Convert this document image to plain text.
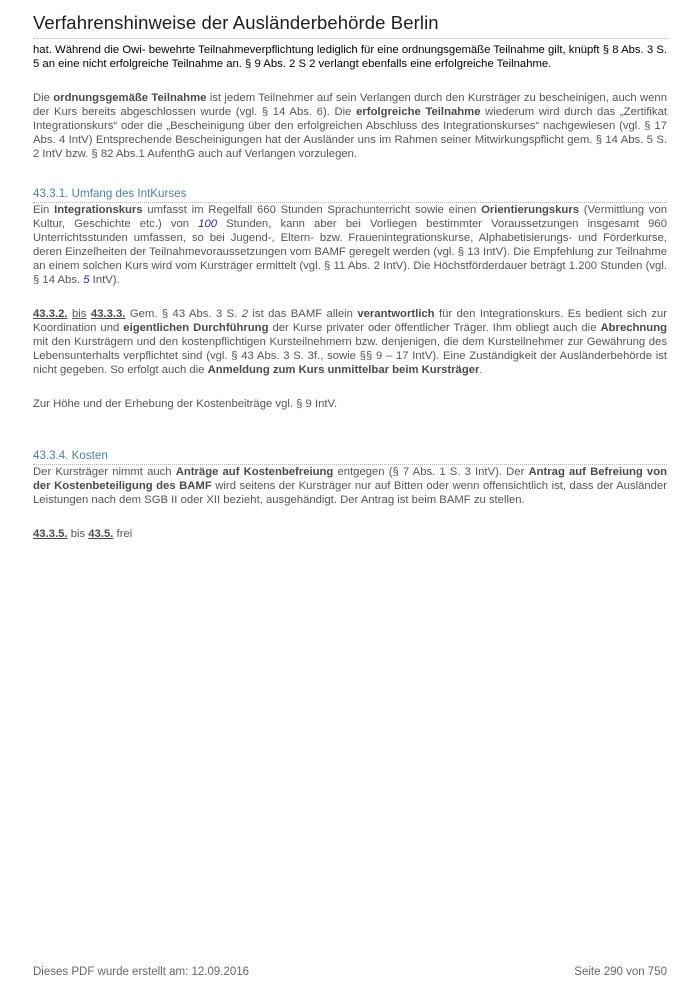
Verfahrenshinweise der Ausländerbehörde Berlin

hat. Während die Owi- bewehrte Teilnahmeverpflichtung lediglich für eine ordnungsgemäße Teilnahme gilt, knüpft § 8 Abs. 3 S. 5 an eine nicht erfolgreiche Teilnahme an. § 9 Abs. 2 S 2 verlangt ebenfalls eine erfolgreiche Teilnahme.

Die ordnungsgemäße Teilnahme ist jedem Teilnehmer auf sein Verlangen durch den Kursträger zu bescheinigen, auch wenn der Kurs bereits abgeschlossen wurde (vgl. § 14 Abs. 6). Die erfolgreiche Teilnahme wiederum wird durch das „Zertifikat Integrationskurs“ oder die „Bescheinigung über den erfolgreichen Abschluss des Integrationskurses“ nachgewiesen (vgl. § 17 Abs. 4 IntV) Entsprechende Bescheinigungen hat der Ausländer uns im Rahmen seiner Mitwirkungspflicht gem. § 14 Abs. 5 S. 2 IntV bzw. § 82 Abs.1 AufenthG auch auf Verlangen vorzulegen.

43.3.1. Umfang des IntKurses

Ein Integrationskurs umfasst im Regelfall 660 Stunden Sprachunterricht sowie einen Orientierungskurs (Vermittlung von Kultur, Geschichte etc.) von 100 Stunden, kann aber bei Vorliegen bestimmter Voraussetzungen insgesamt 960 Unterrichtsstunden umfassen, so bei Jugend-, Eltern- bzw. Frauenintegrationskurse, Alphabetisierungs- und Förderkurse, deren Einzelheiten der Teilnahmevoraussetzungen vom BAMF geregelt werden (vgl. § 13 IntV). Die Empfehlung zur Teilnahme an einem solchen Kurs wird vom Kursträger ermittelt (vgl. § 11 Abs. 2 IntV). Die Höchstförderdauer beträgt 1.200 Stunden (vgl. § 14 Abs. 5 IntV).

43.3.2. bis 43.3.3. Gem. § 43 Abs. 3 S. 2 ist das BAMF allein verantwortlich für den Integrationskurs. Es bedient sich zur Koordination und eigentlichen Durchführung der Kurse privater oder öffentlicher Träger. Ihm obliegt auch die Abrechnung mit den Kursträgern und den kostenpflichtigen Kursteilnehmern bzw. denjenigen, die dem Kursteilnehmer zur Gewährung des Lebensunterhalts verpflichtet sind (vgl. § 43 Abs. 3 S. 3f., sowie §§ 9 – 17 IntV). Eine Zuständigkeit der Ausländerbehörde ist nicht gegeben. So erfolgt auch die Anmeldung zum Kurs unmittelbar beim Kursträger.

Zur Höhe und der Erhebung der Kostenbeiträge vgl. § 9 IntV.

43.3.4. Kosten

Der Kursträger nimmt auch Anträge auf Kostenbefreiung entgegen (§ 7 Abs. 1 S. 3 IntV). Der Antrag auf Befreiung von der Kostenbeteiligung des BAMF wird seitens der Kursträger nur auf Bitten oder wenn offensichtlich ist, dass der Ausländer Leistungen nach dem SGB II oder XII bezieht, ausgehändigt. Der Antrag ist beim BAMF zu stellen.

43.3.5. bis 43.5. frei

Dieses PDF wurde erstellt am: 12.09.2016	Seite 290 von 750
